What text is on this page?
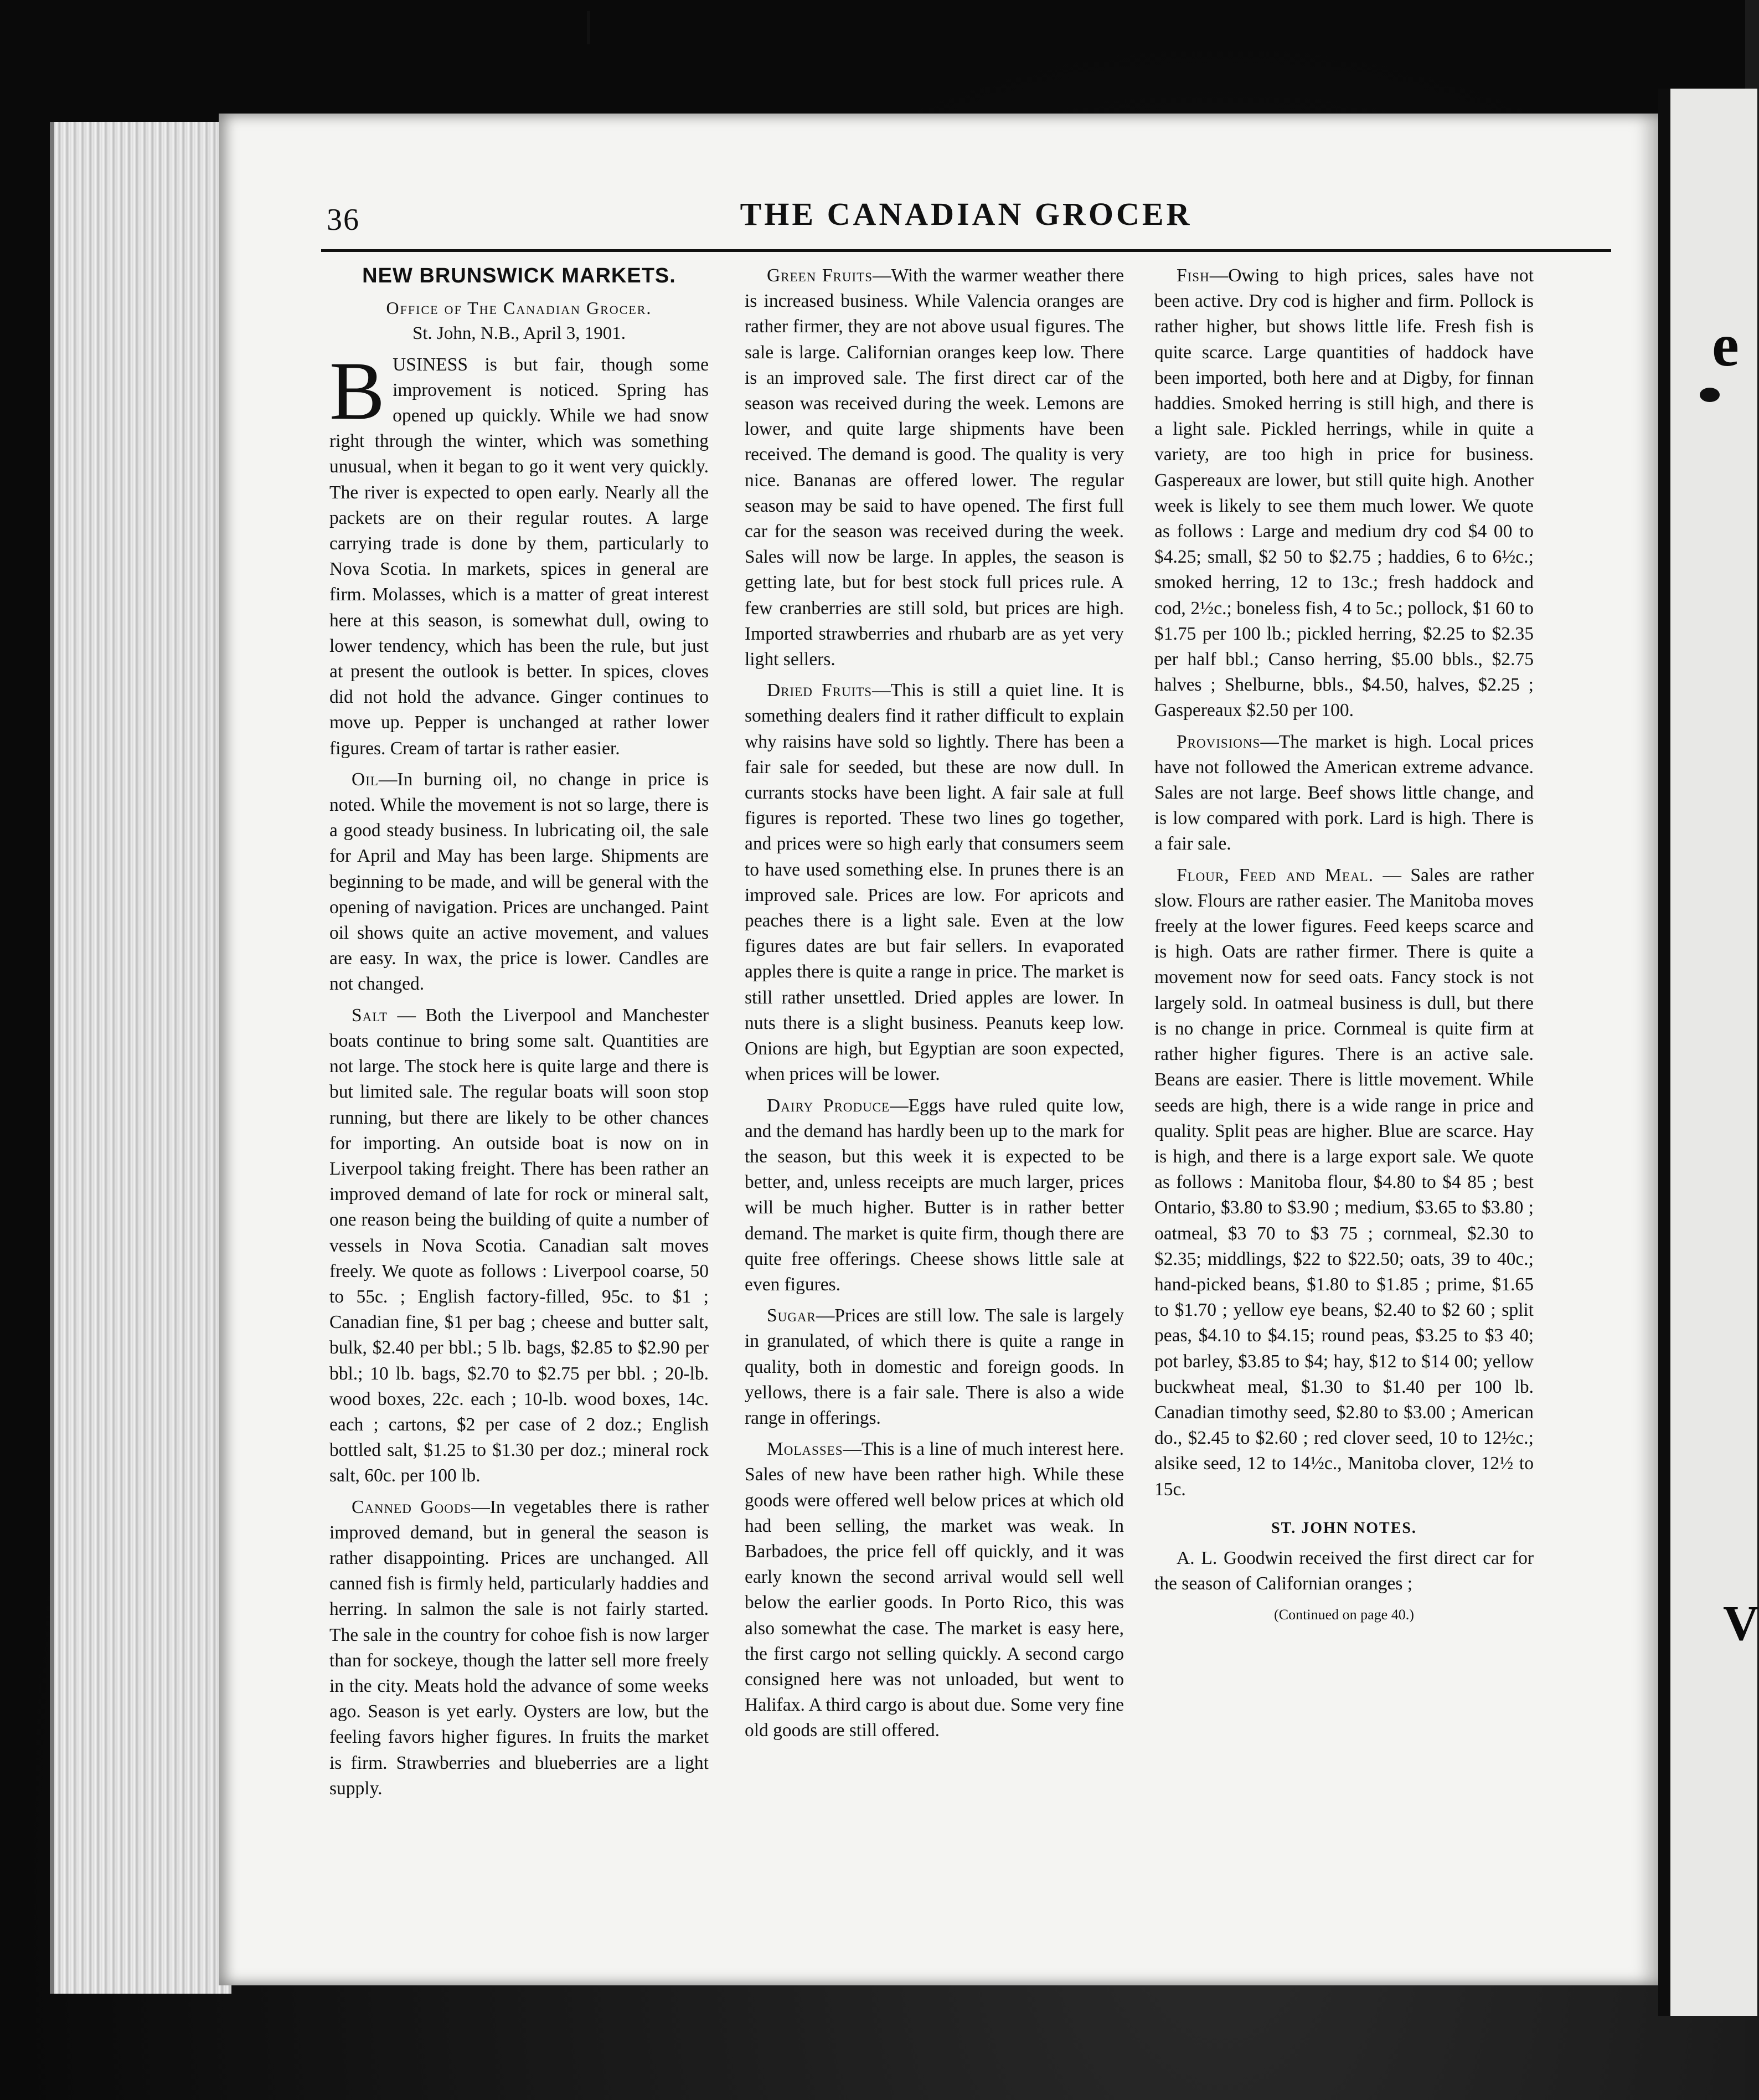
e
V
36	THE CANADIAN GROCER
NEW BRUNSWICK MARKETS.
Office of The Canadian Grocer.
St. John, N.B., April 3, 1901.

BUSINESS is but fair, though some improvement is noticed. Spring has opened up quickly. While we had snow right through the winter, which was something unusual, when it began to go it went very quickly. The river is expected to open early. Nearly all the packets are on their regular routes. A large carrying trade is done by them, particularly to Nova Scotia. In markets, spices in general are firm. Molasses, which is a matter of great interest here at this season, is somewhat dull, owing to lower tendency, which has been the rule, but just at present the outlook is better. In spices, cloves did not hold the advance. Ginger continues to move up. Pepper is unchanged at rather lower figures. Cream of tartar is rather easier.

Oil—In burning oil, no change in price is noted. While the movement is not so large, there is a good steady business. In lubricating oil, the sale for April and May has been large. Shipments are beginning to be made, and will be general with the opening of navigation. Prices are unchanged. Paint oil shows quite an active movement, and values are easy. In wax, the price is lower. Candles are not changed.

Salt — Both the Liverpool and Manchester boats continue to bring some salt. Quantities are not large. The stock here is quite large and there is but limited sale. The regular boats will soon stop running, but there are likely to be other chances for importing. An outside boat is now on in Liverpool taking freight. There has been rather an improved demand of late for rock or mineral salt, one reason being the building of quite a number of vessels in Nova Scotia. Canadian salt moves freely. We quote as follows : Liverpool coarse, 50 to 55c. ; English factory-filled, 95c. to $1 ; Canadian fine, $1 per bag ; cheese and butter salt, bulk, $2.40 per bbl.; 5 lb. bags, $2.85 to $2.90 per bbl.; 10 lb. bags, $2.70 to $2.75 per bbl. ; 20-lb. wood boxes, 22c. each ; 10-lb. wood boxes, 14c. each ; cartons, $2 per case of 2 doz.; English bottled salt, $1.25 to $1.30 per doz.; mineral rock salt, 60c. per 100 lb.

Canned Goods—In vegetables there is rather improved demand, but in general the season is rather disappointing. Prices are unchanged. All canned fish is firmly held, particularly haddies and herring. In salmon the sale is not fairly started. The sale in the country for cohoe fish is now larger than for sockeye, though the latter sell more freely in the city. Meats hold the advance of some weeks ago. Season is yet early. Oysters are low, but the feeling favors higher figures. In fruits the market is firm. Strawberries and blueberries are a light supply.

Green Fruits—With the warmer weather there is increased business. While Valencia oranges are rather firmer, they are not above usual figures. The sale is large. Californian oranges keep low. There is an improved sale. The first direct car of the season was received during the week. Lemons are lower, and quite large shipments have been received. The demand is good. The quality is very nice. Bananas are offered lower. The regular season may be said to have opened. The first full car for the season was received during the week. Sales will now be large. In apples, the season is getting late, but for best stock full prices rule. A few cranberries are still sold, but prices are high. Imported strawberries and rhubarb are as yet very light sellers.

Dried Fruits—This is still a quiet line. It is something dealers find it rather difficult to explain why raisins have sold so lightly. There has been a fair sale for seeded, but these are now dull. In currants stocks have been light. A fair sale at full figures is reported. These two lines go together, and prices were so high early that consumers seem to have used something else. In prunes there is an improved sale. Prices are low. For apricots and peaches there is a light sale. Even at the low figures dates are but fair sellers. In evaporated apples there is quite a range in price. The market is still rather unsettled. Dried apples are lower. In nuts there is a slight business. Peanuts keep low. Onions are high, but Egyptian are soon expected, when prices will be lower.

Dairy Produce—Eggs have ruled quite low, and the demand has hardly been up to the mark for the season, but this week it is expected to be better, and, unless receipts are much larger, prices will be much higher. Butter is in rather better demand. The market is quite firm, though there are quite free offerings. Cheese shows little sale at even figures.

Sugar—Prices are still low. The sale is largely in granulated, of which there is quite a range in quality, both in domestic and foreign goods. In yellows, there is a fair sale. There is also a wide range in offerings.

Molasses—This is a line of much interest here. Sales of new have been rather high. While these goods were offered well below prices at which old had been selling, the market was weak. In Barbadoes, the price fell off quickly, and it was early known the second arrival would sell well below the earlier goods. In Porto Rico, this was also somewhat the case. The market is easy here, the first cargo not selling quickly. A second cargo consigned here was not unloaded, but went to Halifax. A third cargo is about due. Some very fine old goods are still offered.

Fish—Owing to high prices, sales have not been active. Dry cod is higher and firm. Pollock is rather higher, but shows little life. Fresh fish is quite scarce. Large quantities of haddock have been imported, both here and at Digby, for finnan haddies. Smoked herring is still high, and there is a light sale. Pickled herrings, while in quite a variety, are too high in price for business. Gaspereaux are lower, but still quite high. Another week is likely to see them much lower. We quote as follows : Large and medium dry cod $4 00 to $4.25; small, $2 50 to $2.75 ; haddies, 6 to 6½c.; smoked herring, 12 to 13c.; fresh haddock and cod, 2½c.; boneless fish, 4 to 5c.; pollock, $1 60 to $1.75 per 100 lb.; pickled herring, $2.25 to $2.35 per half bbl.; Canso herring, $5.00 bbls., $2.75 halves ; Shelburne, bbls., $4.50, halves, $2.25 ; Gaspereaux $2.50 per 100.

Provisions—The market is high. Local prices have not followed the American extreme advance. Sales are not large. Beef shows little change, and is low compared with pork. Lard is high. There is a fair sale.

Flour, Feed and Meal. — Sales are rather slow. Flours are rather easier. The Manitoba moves freely at the lower figures. Feed keeps scarce and is high. Oats are rather firmer. There is quite a movement now for seed oats. Fancy stock is not largely sold. In oatmeal business is dull, but there is no change in price. Cornmeal is quite firm at rather higher figures. There is an active sale. Beans are easier. There is little movement. While seeds are high, there is a wide range in price and quality. Split peas are higher. Blue are scarce. Hay is high, and there is a large export sale. We quote as follows : Manitoba flour, $4.80 to $4 85 ; best Ontario, $3.80 to $3.90 ; medium, $3.65 to $3.80 ; oatmeal, $3 70 to $3 75 ; cornmeal, $2.30 to $2.35; middlings, $22 to $22.50; oats, 39 to 40c.; hand-picked beans, $1.80 to $1.85 ; prime, $1.65 to $1.70 ; yellow eye beans, $2.40 to $2 60 ; split peas, $4.10 to $4.15; round peas, $3.25 to $3 40; pot barley, $3.85 to $4; hay, $12 to $14 00; yellow buckwheat meal, $1.30 to $1.40 per 100 lb. Canadian timothy seed, $2.80 to $3.00 ; American do., $2.45 to $2.60 ; red clover seed, 10 to 12½c.; alsike seed, 12 to 14½c., Manitoba clover, 12½ to 15c.

ST. JOHN NOTES.

A. L. Goodwin received the first direct car for the season of Californian oranges ;

(Continued on page 40.)
